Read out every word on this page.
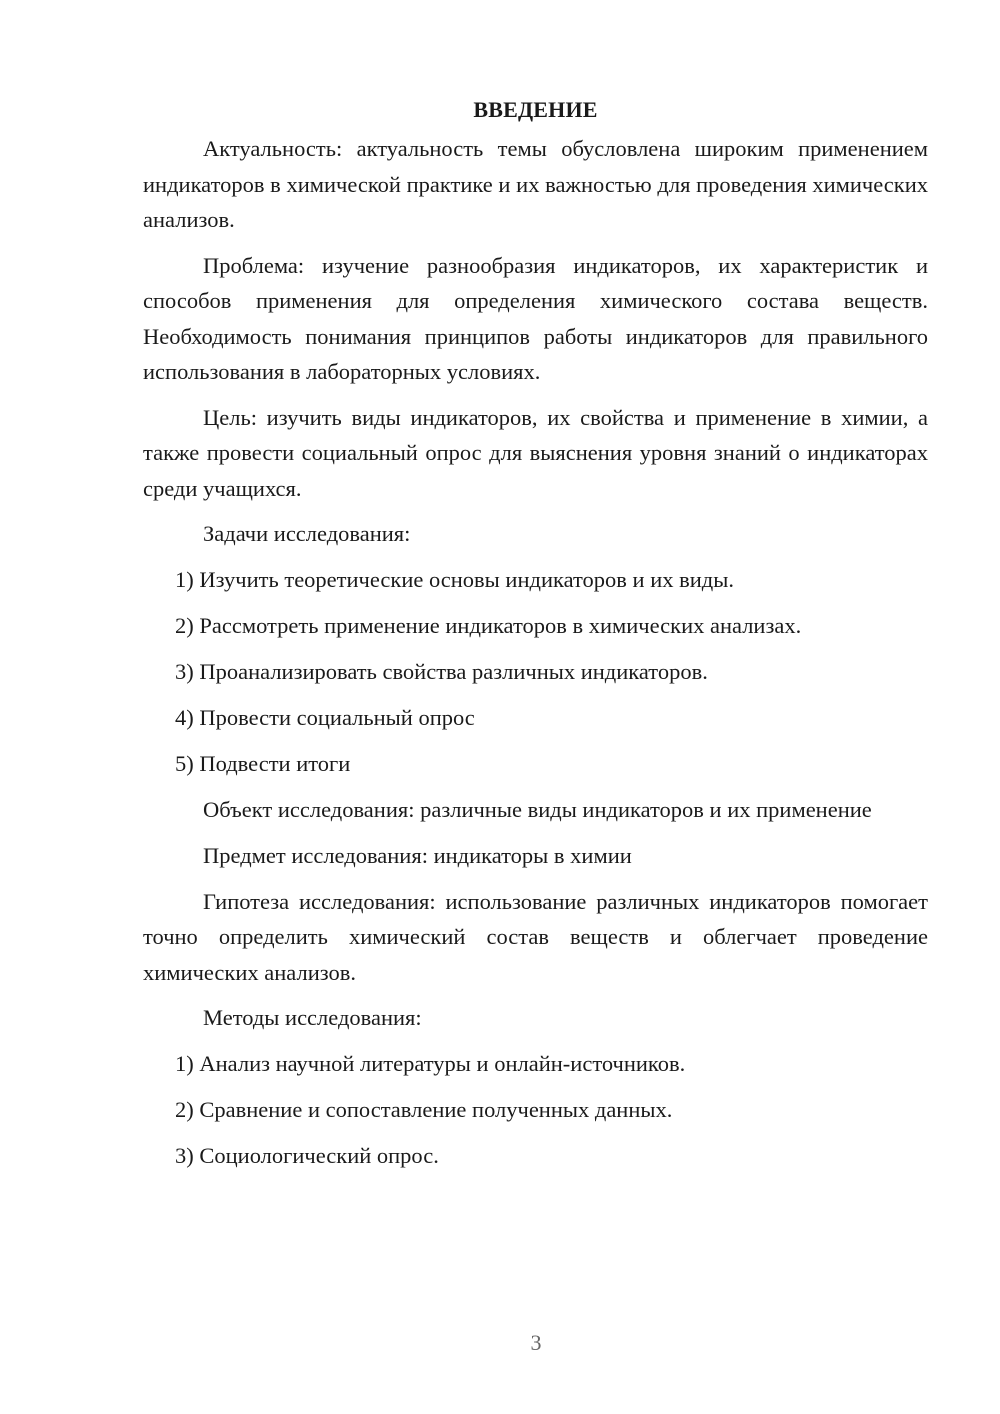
ВВЕДЕНИЕ

Актуальность: актуальность темы обусловлена широким применением индикаторов в химической практике и их важностью для проведения химических анализов.

Проблема: изучение разнообразия индикаторов, их характеристик и способов применения для определения химического состава веществ. Необходимость понимания принципов работы индикаторов для правильного использования в лабораторных условиях.

Цель: изучить виды индикаторов, их свойства и применение в химии, а также провести социальный опрос для выяснения уровня знаний о индикаторах среди учащихся.

Задачи исследования:

1) Изучить теоретические основы индикаторов и их виды.

2) Рассмотреть применение индикаторов в химических анализах.

3) Проанализировать свойства различных индикаторов.

4) Провести социальный опрос

5) Подвести итоги

Объект исследования: различные виды индикаторов и их применение

Предмет исследования: индикаторы в химии

Гипотеза исследования: использование различных индикаторов помогает точно определить химический состав веществ и облегчает проведение химических анализов.

Методы исследования:

1) Анализ научной литературы и онлайн-источников.

2) Сравнение и сопоставление полученных данных.

3) Социологический опрос.

3
